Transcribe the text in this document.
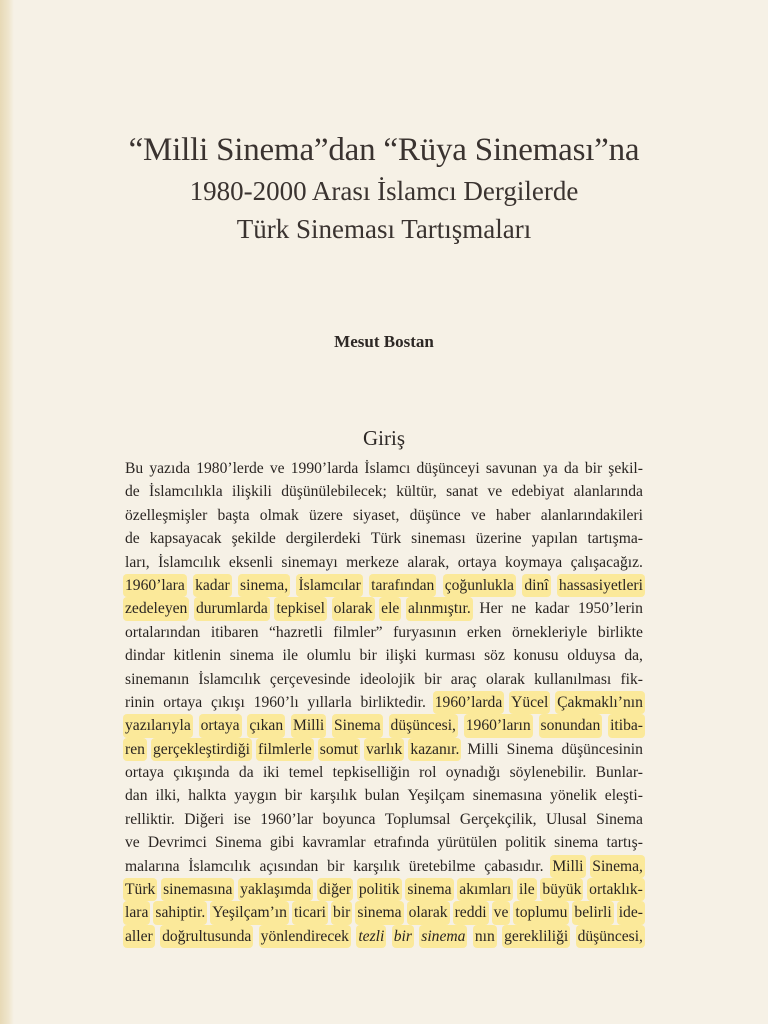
“Milli Sinema”dan “Rüya Sineması”na
1980-2000 Arası İslamcı Dergilerde
Türk Sineması Tartışmaları
Mesut Bostan
Giriş
Bu yazıda 1980’lerde ve 1990’larda İslamcı düşünceyi savunan ya da bir şekil-
de İslamcılıkla ilişkili düşünülebilecek; kültür, sanat ve edebiyat alanlarında
özelleşmişler başta olmak üzere siyaset, düşünce ve haber alanlarındakileri
de kapsayacak şekilde dergilerdeki Türk sineması üzerine yapılan tartışma-
ları, İslamcılık eksenli sinemayı merkeze alarak, ortaya koymaya çalışacağız.
1960’lara kadar sinema, İslamcılar tarafından çoğunlukla dinî hassasiyetleri
zedeleyen durumlarda tepkisel olarak ele alınmıştır. Her ne kadar 1950’lerin
ortalarından itibaren “hazretli filmler” furyasının erken örnekleriyle birlikte
dindar kitlenin sinema ile olumlu bir ilişki kurması söz konusu olduysa da,
sinemanın İslamcılık çerçevesinde ideolojik bir araç olarak kullanılması fik-
rinin ortaya çıkışı 1960’lı yıllarla birliktedir. 1960’larda Yücel Çakmaklı’nın
yazılarıyla ortaya çıkan Milli Sinema düşüncesi, 1960’ların sonundan itiba-
ren gerçekleştirdiği filmlerle somut varlık kazanır. Milli Sinema düşüncesinin
ortaya çıkışında da iki temel tepkiselliğin rol oynadığı söylenebilir. Bunlar-
dan ilki, halkta yaygın bir karşılık bulan Yeşilçam sinemasına yönelik eleşti-
relliktir. Diğeri ise 1960’lar boyunca Toplumsal Gerçekçilik, Ulusal Sinema
ve Devrimci Sinema gibi kavramlar etrafında yürütülen politik sinema tartış-
malarına İslamcılık açısından bir karşılık üretebilme çabasıdır. Milli Sinema,
Türk sinemasına yaklaşımda diğer politik sinema akımları ile büyük ortaklık-
lara sahiptir. Yeşilçam’ın ticari bir sinema olarak reddi ve toplumu belirli ide-
aller doğrultusunda yönlendirecek tezli bir sinema nın gerekliliği düşüncesi,
